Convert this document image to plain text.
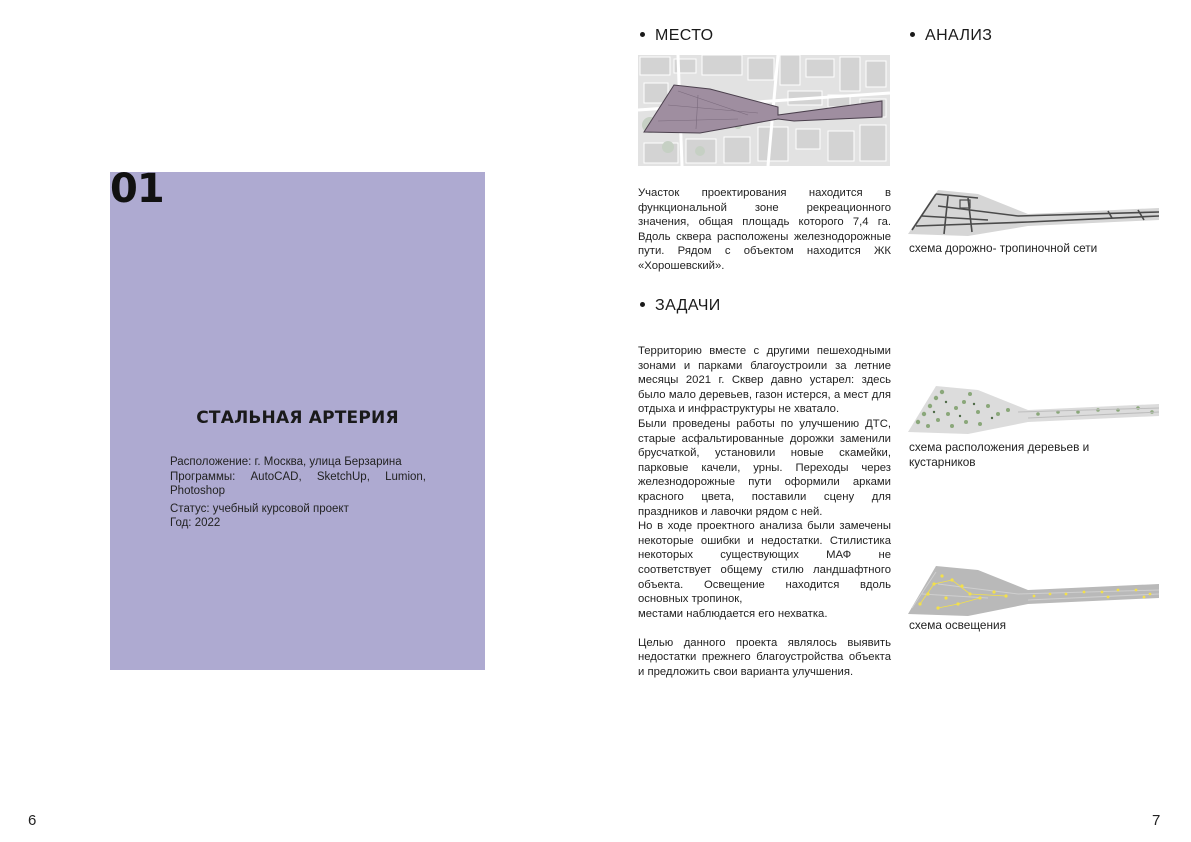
01
СТАЛЬНАЯ АРТЕРИЯ

Расположение: г. Москва, улица Берзарина

Программы: AutoCAD, SketchUp, Lumion, Photoshop

Статус: учебный курсовой проект

Год: 2022

6
МЕСТО

Участок проектирования находится в функциональной зоне рекреационного значения, общая площадь которого 7,4 га. Вдоль сквера расположены железнодорожные пути. Рядом с объектом находится ЖК «Хорошевский».

ЗАДАЧИ

Территорию вместе с другими пешеходными зонами и парками благоустроили за летние месяцы 2021 г. Сквер давно устарел: здесь было мало деревьев, газон истерся, а мест для отдыха и инфраструктуры не хватало.

Были проведены работы по улучшению ДТС, старые асфальтированные дорожки заменили брусчаткой, установили новые скамейки, парковые качели, урны. Переходы через железнодорожные пути оформили арками красного цвета, поставили сцену для праздников и лавочки рядом с ней.

Но в ходе проектного анализа были замечены некоторые ошибки и недостатки. Стилистика некоторых существующих МАФ не соответствует общему стилю ландшафтного объекта. Освещение находится вдоль основных тропинок,

местами наблюдается его нехватка.

Целью данного проекта являлось выявить недостатки прежнего благоустройства объекта и предложить свои варианта улучшения.

АНАЛИЗ
схема дорожно- тропиночной сети
схема расположения деревьев и кустарников
схема освещения
7
